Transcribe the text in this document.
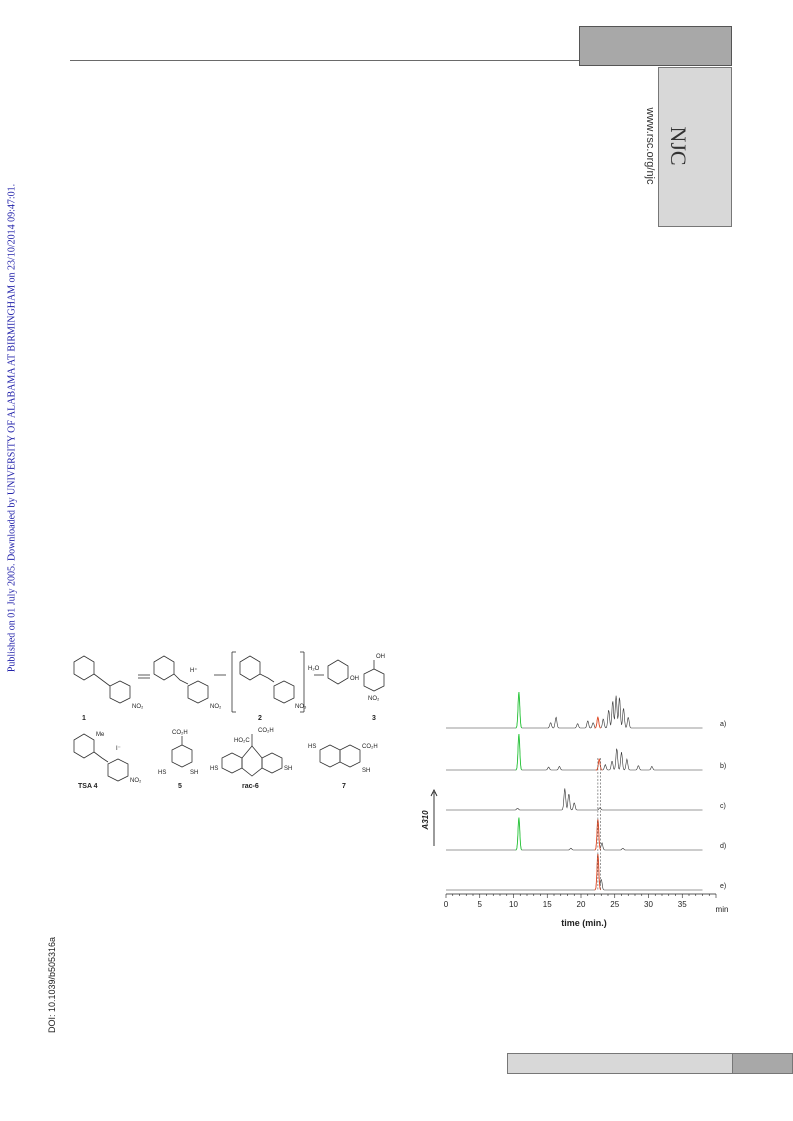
NJC
www.rsc.org/njc
Published on 01 July 2005. Downloaded by UNIVERSITY OF ALABAMA AT BIRMINGHAM on 23/10/2014 09:47:01.
DOI: 10.1039/b505316a
H⁺
NO₂	NO₂	NO₃
H₂O
OH
OH
NO₂
Me
I⁻
NO₂
CO₂H
HS	SH
HO₂C
CO₂H
HS	SH
HS	CO₂H
SH
1	2	3
TSA 4	5	rac-6	7
a)
b)
c)
d)
e)
0	5	10	15	20	25	30	35
time (min.)
min
A310
